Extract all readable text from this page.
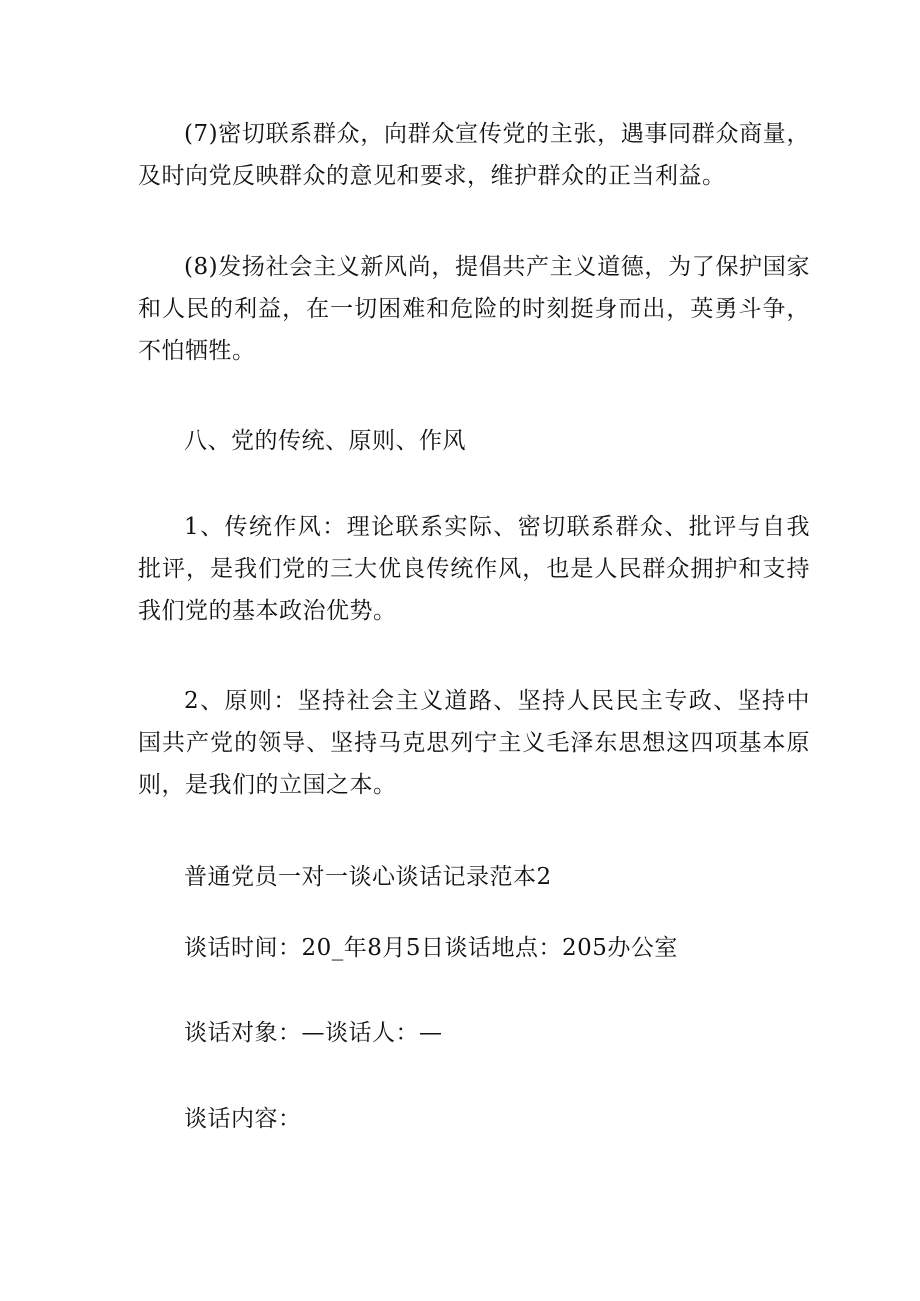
(7)密切联系群众，向群众宣传党的主张，遇事同群众商量，及时向党反映群众的意见和要求，维护群众的正当利益。

(8)发扬社会主义新风尚，提倡共产主义道德，为了保护国家和人民的利益，在一切困难和危险的时刻挺身而出，英勇斗争，不怕牺牲。

八、党的传统、原则、作风

1、传统作风：理论联系实际、密切联系群众、批评与自我批评，是我们党的三大优良传统作风，也是人民群众拥护和支持我们党的基本政治优势。

2、原则：坚持社会主义道路、坚持人民民主专政、坚持中国共产党的领导、坚持马克思列宁主义毛泽东思想这四项基本原则，是我们的立国之本。

普通党员一对一谈心谈话记录范本2

谈话时间：20_年8月5日谈话地点：205办公室

谈话对象：—谈话人：—

谈话内容：
